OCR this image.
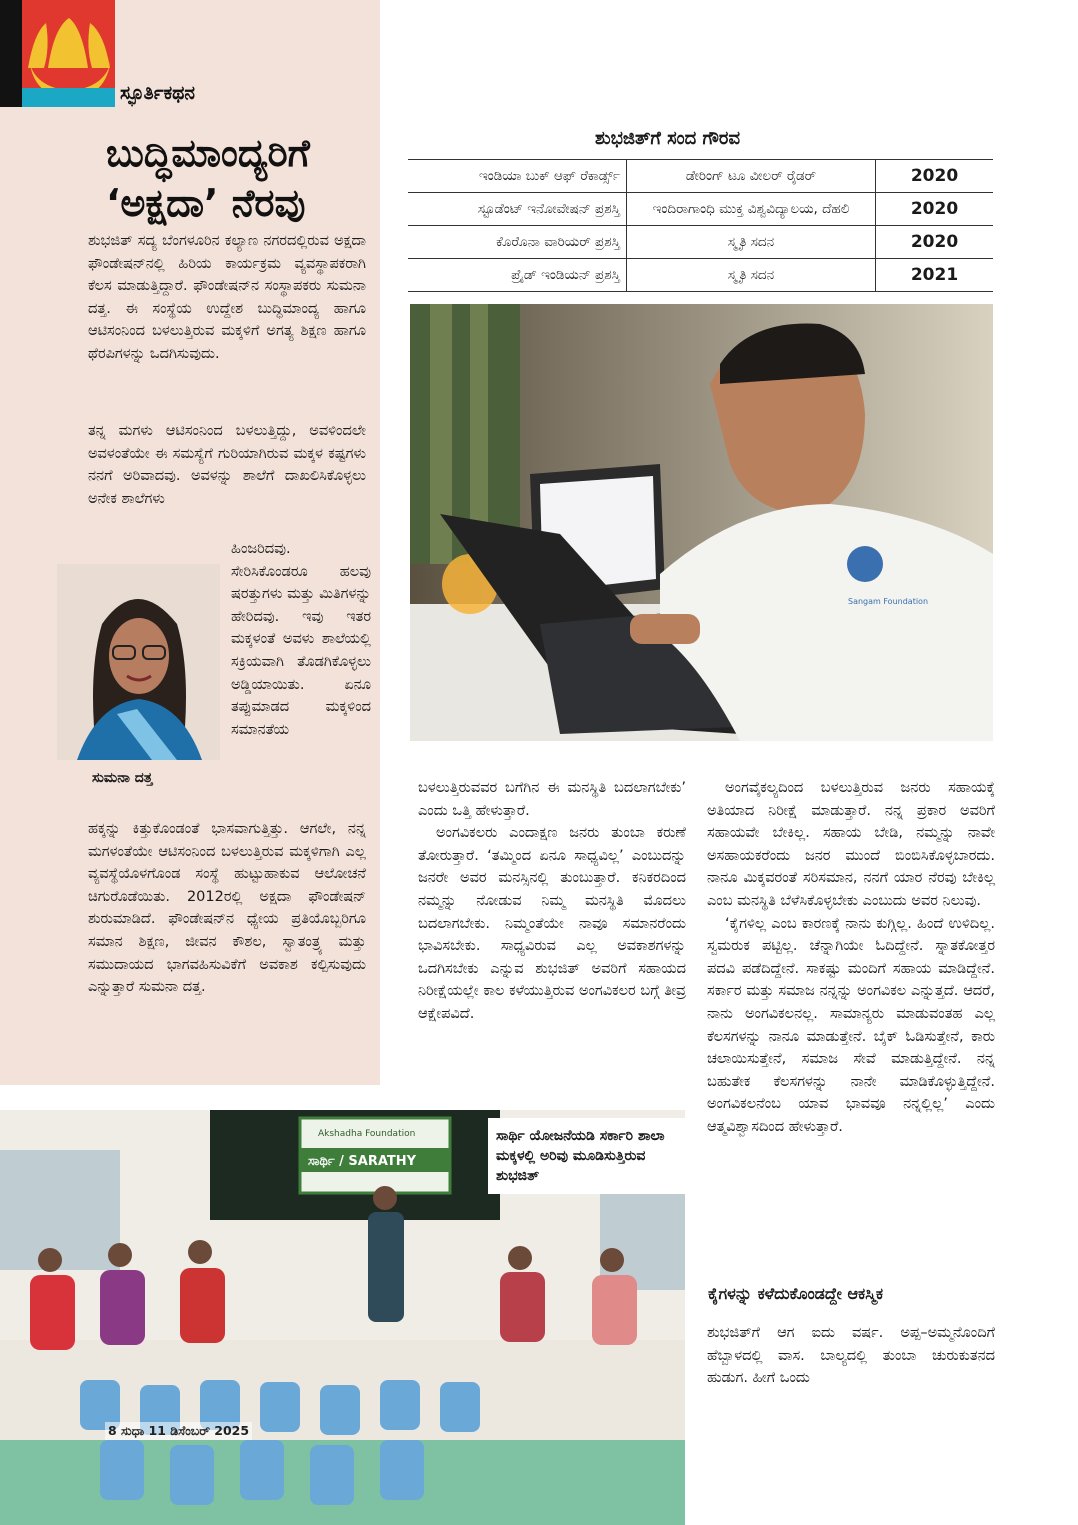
ಸ್ಫೂರ್ತಿಕಥನ
ಬುದ್ಧಿಮಾಂದ್ಯರಿಗೆ
‘ಅಕ್ಷದಾ’ ನೆರವು
ಶುಭಜಿತ್ ಸದ್ಯ ಬೆಂಗಳೂರಿನ ಕಲ್ಯಾಣ ನಗರದಲ್ಲಿರುವ ಅಕ್ಷದಾ ಫೌಂಡೇಷನ್‌ನಲ್ಲಿ ಹಿರಿಯ ಕಾರ್ಯಕ್ರಮ ವ್ಯವಸ್ಥಾಪಕರಾಗಿ ಕೆಲಸ ಮಾಡುತ್ತಿದ್ದಾರೆ. ಫೌಂಡೇಷನ್‌ನ ಸಂಸ್ಥಾಪಕರು ಸುಮನಾ ದತ್ತ. ಈ ಸಂಸ್ಥೆಯ ಉದ್ದೇಶ ಬುದ್ಧಿಮಾಂದ್ಯ ಹಾಗೂ ಆಟಿಸಂನಿಂದ ಬಳಲುತ್ತಿರುವ ಮಕ್ಕಳಿಗೆ ಅಗತ್ಯ ಶಿಕ್ಷಣ ಹಾಗೂ ಥೆರಪಿಗಳನ್ನು ಒದಗಿಸುವುದು.
ತನ್ನ ಮಗಳು ಆಟಿಸಂನಿಂದ ಬಳಲುತ್ತಿದ್ದು, ಅವಳಿಂದಲೇ ಅವಳಂತೆಯೇ ಈ ಸಮಸ್ಯೆಗೆ ಗುರಿಯಾಗಿರುವ ಮಕ್ಕಳ ಕಷ್ಟಗಳು ನನಗೆ ಅರಿವಾದವು. ಅವಳನ್ನು ಶಾಲೆಗೆ ದಾಖಲಿಸಿಕೊಳ್ಳಲು ಅನೇಕ ಶಾಲೆಗಳು
ಹಿಂಜರಿದವು. ಸೇರಿಸಿಕೊಂಡರೂ ಹಲವು ಷರತ್ತುಗಳು ಮತ್ತು ಮಿತಿಗಳನ್ನು ಹೇರಿದವು. ಇವು ಇತರ ಮಕ್ಕಳಂತೆ ಅವಳು ಶಾಲೆಯಲ್ಲಿ ಸಕ್ರಿಯವಾಗಿ ತೊಡಗಿಕೊಳ್ಳಲು ಅಡ್ಡಿಯಾಯಿತು. ಏನೂ ತಪ್ಪುಮಾಡದ ಮಕ್ಕಳಿಂದ ಸಮಾನತೆಯ
ಹಕ್ಕನ್ನು ಕಿತ್ತುಕೊಂಡಂತೆ ಭಾಸವಾಗುತ್ತಿತ್ತು. ಆಗಲೇ, ನನ್ನ ಮಗಳಂತೆಯೇ ಆಟಿಸಂನಿಂದ ಬಳಲುತ್ತಿರುವ ಮಕ್ಕಳಿಗಾಗಿ ಎಲ್ಲ ವ್ಯವಸ್ಥೆಯೊಳಗೊಂಡ ಸಂಸ್ಥೆ ಹುಟ್ಟುಹಾಕುವ ಆಲೋಚನೆ ಚಿಗುರೊಡೆಯಿತು. 2012ರಲ್ಲಿ ಅಕ್ಷದಾ ಫೌಂಡೇಷನ್ ಶುರುಮಾಡಿದೆ. ಫೌಂಡೇಷನ್‌ನ ಧ್ಯೇಯ ಪ್ರತಿಯೊಬ್ಬರಿಗೂ ಸಮಾನ ಶಿಕ್ಷಣ, ಜೀವನ ಕೌಶಲ, ಸ್ವಾತಂತ್ರ್ಯ ಮತ್ತು ಸಮುದಾಯದ ಭಾಗವಹಿಸುವಿಕೆಗೆ ಅವಕಾಶ ಕಲ್ಪಿಸುವುದು ಎನ್ನುತ್ತಾರೆ ಸುಮನಾ ದತ್ತ.
ಸುಮನಾ ದತ್ತ
ಶುಭಜಿತ್‌ಗೆ ಸಂದ ಗೌರವ
ಇಂಡಿಯಾ ಬುಕ್ ಆಫ್ ರೆಕಾರ್ಡ್ಸ್	ಡೇರಿಂಗ್ ಟೂ ವೀಲರ್ ರೈಡರ್	2020
ಸ್ಟೂಡೆಂಟ್ ಇನೋವೇಷನ್ ಪ್ರಶಸ್ತಿ	ಇಂದಿರಾಗಾಂಧಿ ಮುಕ್ತ ವಿಶ್ವವಿದ್ಯಾಲಯ, ದೆಹಲಿ	2020
ಕೊರೊನಾ ವಾರಿಯರ್ ಪ್ರಶಸ್ತಿ	ಸ್ಮೃತಿ ಸದನ	2020
ಪ್ರೈಡ್ ಇಂಡಿಯನ್ ಪ್ರಶಸ್ತಿ	ಸ್ಮೃತಿ ಸದನ	2021
Sangam Foundation
ಬಳಲುತ್ತಿರುವವರ ಬಗೆಗಿನ ಈ ಮನಸ್ಥಿತಿ ಬದಲಾಗಬೇಕು’ ಎಂದು ಒತ್ತಿ ಹೇಳುತ್ತಾರೆ.
ಅಂಗವಿಕಲರು ಎಂದಾಕ್ಷಣ ಜನರು ತುಂಬಾ ಕರುಣೆ ತೋರುತ್ತಾರೆ. ‘ತಮ್ಮಿಂದ ಏನೂ ಸಾಧ್ಯವಿಲ್ಲ’ ಎಂಬುದನ್ನು ಜನರೇ ಅವರ ಮನಸ್ಸಿನಲ್ಲಿ ತುಂಬುತ್ತಾರೆ. ಕನಿಕರದಿಂದ ನಮ್ಮನ್ನು ನೋಡುವ ನಿಮ್ಮ ಮನಸ್ಥಿತಿ ಮೊದಲು ಬದಲಾಗಬೇಕು. ನಿಮ್ಮಂತೆಯೇ ನಾವೂ ಸಮಾನರೆಂದು ಭಾವಿಸಬೇಕು. ಸಾಧ್ಯವಿರುವ ಎಲ್ಲ ಅವಕಾಶಗಳನ್ನು ಒದಗಿಸಬೇಕು ಎನ್ನುವ ಶುಭಜಿತ್ ಅವರಿಗೆ ಸಹಾಯದ ನಿರೀಕ್ಷೆಯಲ್ಲೇ ಕಾಲ ಕಳೆಯುತ್ತಿರುವ ಅಂಗವಿಕಲರ ಬಗ್ಗೆ ತೀವ್ರ ಆಕ್ಷೇಪವಿದೆ.
ಅಂಗವೈಕಲ್ಯದಿಂದ ಬಳಲುತ್ತಿರುವ ಜನರು ಸಹಾಯಕ್ಕೆ ಅತಿಯಾದ ನಿರೀಕ್ಷೆ ಮಾಡುತ್ತಾರೆ. ನನ್ನ ಪ್ರಕಾರ ಅವರಿಗೆ ಸಹಾಯವೇ ಬೇಕಿಲ್ಲ. ಸಹಾಯ ಬೇಡಿ, ನಮ್ಮನ್ನು ನಾವೇ ಅಸಹಾಯಕರೆಂದು ಜನರ ಮುಂದೆ ಬಿಂಬಿಸಿಕೊಳ್ಳಬಾರದು. ನಾನೂ ಮಿಕ್ಕವರಂತೆ ಸರಿಸಮಾನ, ನನಗೆ ಯಾರ ನೆರವು ಬೇಕಿಲ್ಲ ಎಂಬ ಮನಸ್ಥಿತಿ ಬೆಳೆಸಿಕೊಳ್ಳಬೇಕು ಎಂಬುದು ಅವರ ನಿಲುವು.
‘ಕೈಗಳಿಲ್ಲ ಎಂಬ ಕಾರಣಕ್ಕೆ ನಾನು ಕುಗ್ಗಿಲ್ಲ. ಹಿಂದೆ ಉಳಿದಿಲ್ಲ. ಸ್ವಮರುಕ ಪಟ್ಟಿಲ್ಲ. ಚೆನ್ನಾಗಿಯೇ ಓದಿದ್ದೇನೆ. ಸ್ನಾತಕೋತ್ತರ ಪದವಿ ಪಡೆದಿದ್ದೇನೆ. ಸಾಕಷ್ಟು ಮಂದಿಗೆ ಸಹಾಯ ಮಾಡಿದ್ದೇನೆ. ಸರ್ಕಾರ ಮತ್ತು ಸಮಾಜ ನನ್ನನ್ನು ಅಂಗವಿಕಲ ಎನ್ನುತ್ತದೆ. ಆದರೆ, ನಾನು ಅಂಗವಿಕಲನಲ್ಲ. ಸಾಮಾನ್ಯರು ಮಾಡುವಂತಹ ಎಲ್ಲ ಕೆಲಸಗಳನ್ನು ನಾನೂ ಮಾಡುತ್ತೇನೆ. ಬೈಕ್ ಓಡಿಸುತ್ತೇನೆ, ಕಾರು ಚಲಾಯಿಸುತ್ತೇನೆ, ಸಮಾಜ ಸೇವೆ ಮಾಡುತ್ತಿದ್ದೇನೆ. ನನ್ನ ಬಹುತೇಕ ಕೆಲಸಗಳನ್ನು ನಾನೇ ಮಾಡಿಕೊಳ್ಳುತ್ತಿದ್ದೇನೆ. ಅಂಗವಿಕಲನೆಂಬ ಯಾವ ಭಾವವೂ ನನ್ನಲ್ಲಿಲ್ಲ’ ಎಂದು ಆತ್ಮವಿಶ್ವಾಸದಿಂದ ಹೇಳುತ್ತಾರೆ.
ಕೈಗಳನ್ನು ಕಳೆದುಕೊಂಡದ್ದೇ ಆಕಸ್ಮಿಕ
ಶುಭಜಿತ್‌ಗೆ ಆಗ ಐದು ವರ್ಷ. ಅಪ್ಪ–ಅಮ್ಮನೊಂದಿಗೆ ಹೆಬ್ಬಾಳದಲ್ಲಿ ವಾಸ. ಬಾಲ್ಯದಲ್ಲಿ ತುಂಬಾ ಚುರುಕುತನದ ಹುಡುಗ. ಹೀಗೆ ಒಂದು
Akshadha Foundation
ಸಾರ್ಥಿ / SARATHY
ಸಾರ್ಥಿ ಯೋಜನೆಯಡಿ ಸರ್ಕಾರಿ ಶಾಲಾ ಮಕ್ಕಳಲ್ಲಿ ಅರಿವು ಮೂಡಿಸುತ್ತಿರುವ ಶುಭಜಿತ್
8 ಸುಧಾ 11 ಡಿಸೆಂಬರ್ 2025
